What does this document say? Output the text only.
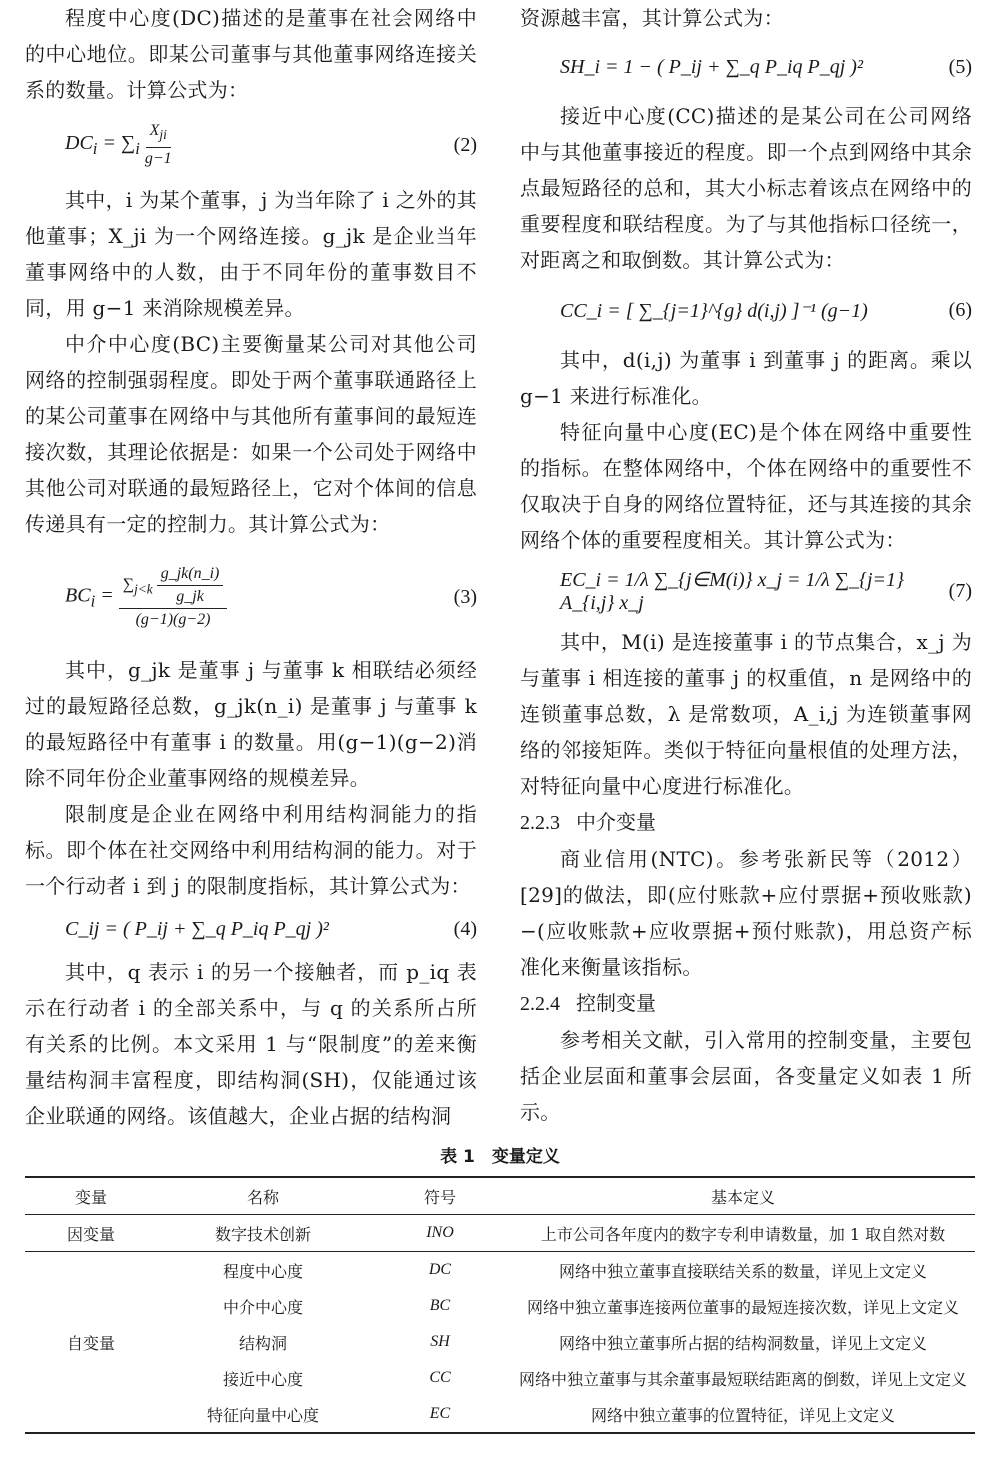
程度中心度(DC)描述的是董事在社会网络中的中心地位。即某公司董事与其他董事网络连接关系的数量。计算公式为：

$DC_i = \sum_i \frac{X_{ji}}{g-1}$	(2)

其中，i 为某个董事，j 为当年除了 i 之外的其他董事；X_ji 为一个网络连接。g_jk 是企业当年董事网络中的人数，由于不同年份的董事数目不同，用 g−1 来消除规模差异。

中介中心度(BC)主要衡量某公司对其他公司网络的控制强弱程度。即处于两个董事联通路径上的某公司董事在网络中与其他所有董事间的最短连接次数，其理论依据是：如果一个公司处于网络中其他公司对联通的最短路径上，它对个体间的信息传递具有一定的控制力。其计算公式为：

$BC_i = \frac{\sum_{j<k} \frac{g\_jk(n\_i)}{g\_jk}}{(g-1)(g-2)}$	(3)

其中，g_jk 是董事 j 与董事 k 相联结必须经过的最短路径总数，g_jk(n_i) 是董事 j 与董事 k 的最短路径中有董事 i 的数量。用(g−1)(g−2)消除不同年份企业董事网络的规模差异。

限制度是企业在网络中利用结构洞能力的指标。即个体在社交网络中利用结构洞的能力。对于一个行动者 i 到 j 的限制度指标，其计算公式为：

C_ij = ( P_ij + ∑_q P_iq P_qj )²	(4)

其中，q 表示 i 的另一个接触者，而 p_iq 表示在行动者 i 的全部关系中，与 q 的关系所占所有关系的比例。本文采用 1 与“限制度”的差来衡量结构洞丰富程度，即结构洞(SH)，仅能通过该企业联通的网络。该值越大，企业占据的结构洞

资源越丰富，其计算公式为：

SH_i = 1 − ( P_ij + ∑_q P_iq P_qj )²	(5)

接近中心度(CC)描述的是某公司在公司网络中与其他董事接近的程度。即一个点到网络中其余点最短路径的总和，其大小标志着该点在网络中的重要程度和联结程度。为了与其他指标口径统一，对距离之和取倒数。其计算公式为：

CC_i = [ ∑_{j=1}^{g} d(i,j) ]⁻¹ (g−1)	(6)

其中，d(i,j) 为董事 i 到董事 j 的距离。乘以 g−1 来进行标准化。

特征向量中心度(EC)是个体在网络中重要性的指标。在整体网络中，个体在网络中的重要性不仅取决于自身的网络位置特征，还与其连接的其余网络个体的重要程度相关。其计算公式为：

EC_i = 1/λ ∑_{j∈M(i)} x_j = 1/λ ∑_{j=1} A_{i,j} x_j
(7)

其中，M(i) 是连接董事 i 的节点集合，x_j 为与董事 i 相连接的董事 j 的权重值，n 是网络中的连锁董事总数，λ 是常数项，A_i,j 为连锁董事网络的邻接矩阵。类似于特征向量根值的处理方法，对特征向量中心度进行标准化。

2.2.3 中介变量

商业信用(NTC)。参考张新民等（2012）[29]的做法，即(应付账款+应付票据+预收账款)−(应收账款+应收票据+预付账款)，用总资产标准化来衡量该指标。

2.2.4 控制变量

参考相关文献，引入常用的控制变量，主要包括企业层面和董事会层面，各变量定义如表 1 所示。

表 1　变量定义
变量	名称	符号	基本定义
因变量	数字技术创新	INO	上市公司各年度内的数字专利申请数量，加 1 取自然对数
自变量	程度中心度	DC	网络中独立董事直接联结关系的数量，详见上文定义
	中介中心度	BC	网络中独立董事连接两位董事的最短连接次数，详见上文定义
	结构洞	SH	网络中独立董事所占据的结构洞数量，详见上文定义
	接近中心度	CC	网络中独立董事与其余董事最短联结距离的倒数，详见上文定义
	特征向量中心度	EC	网络中独立董事的位置特征，详见上文定义
